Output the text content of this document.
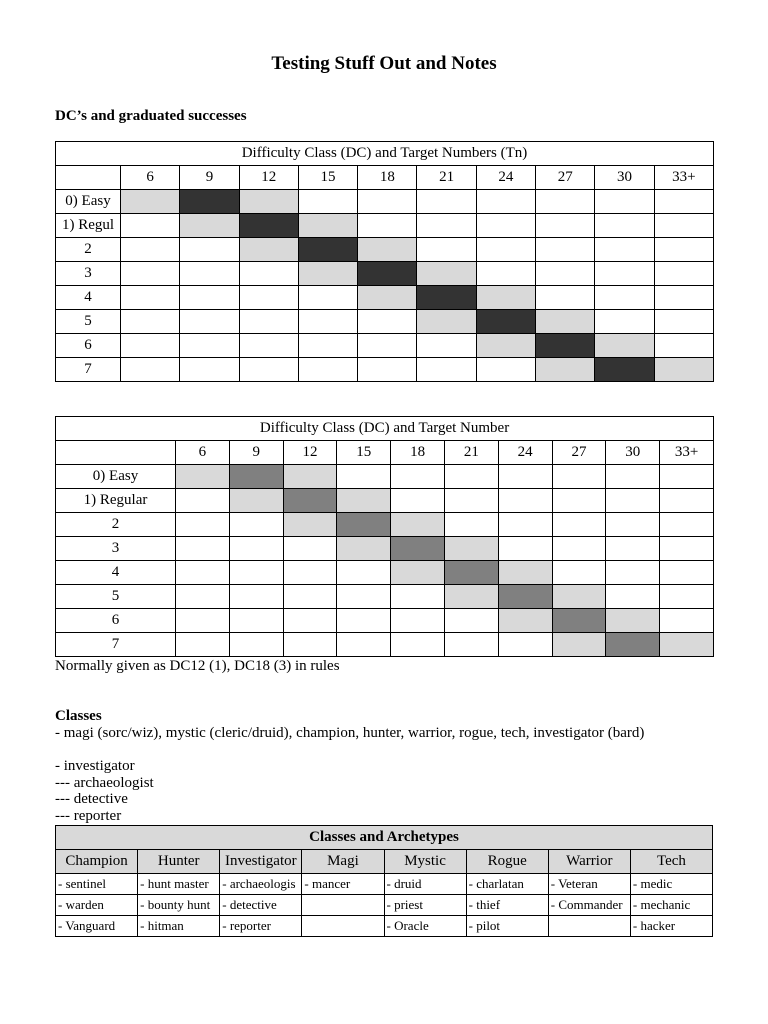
Testing Stuff Out and Notes
DC’s and graduated successes
Difficulty Class (DC) and Target Numbers (Tn)										
	6	9	12	15	18	21	24	27	30	33+
0) Easy										
1) Regul										
2										
3										
4										
5										
6										
7										
Difficulty Class (DC) and Target Number										
	6	9	12	15	18	21	24	27	30	33+
0) Easy										
1) Regular										
2										
3										
4										
5										
6										
7										
Normally given as DC12 (1), DC18 (3) in rules
Classes
- magi (sorc/wiz), mystic (cleric/druid), champion, hunter, warrior, rogue, tech, investigator (bard)
- investigator
--- archaeologist
--- detective
--- reporter
Classes and Archetypes							
Champion	Hunter	Investigator	Magi	Mystic	Rogue	Warrior	Tech
- sentinel	- hunt master	- archaeologis	- mancer	- druid	- charlatan	- Veteran	- medic
- warden	- bounty hunt	- detective		- priest	- thief	- Commander	- mechanic
- Vanguard	- hitman	- reporter		- Oracle	- pilot		- hacker
